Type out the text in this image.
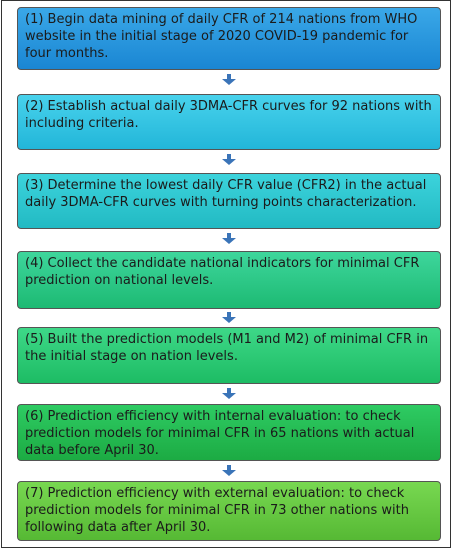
(1) Begin data mining of daily CFR of 214 nations from WHO website in the initial stage of 2020 COVID-19 pandemic for four months.
(2) Establish actual daily 3DMA-CFR curves for 92 nations with including criteria.
(3) Determine the lowest daily CFR value (CFR2) in the actual daily 3DMA-CFR curves with turning points characterization.
(4) Collect the candidate national indicators for minimal CFR prediction on national levels.
(5) Built the prediction models (M1 and M2) of minimal CFR in the initial stage on nation levels.
(6) Prediction efficiency with internal evaluation: to check prediction models for minimal CFR in 65 nations with actual data before April 30.
(7) Prediction efficiency with external evaluation: to check prediction models for minimal CFR in 73 other nations with following data after April 30.
